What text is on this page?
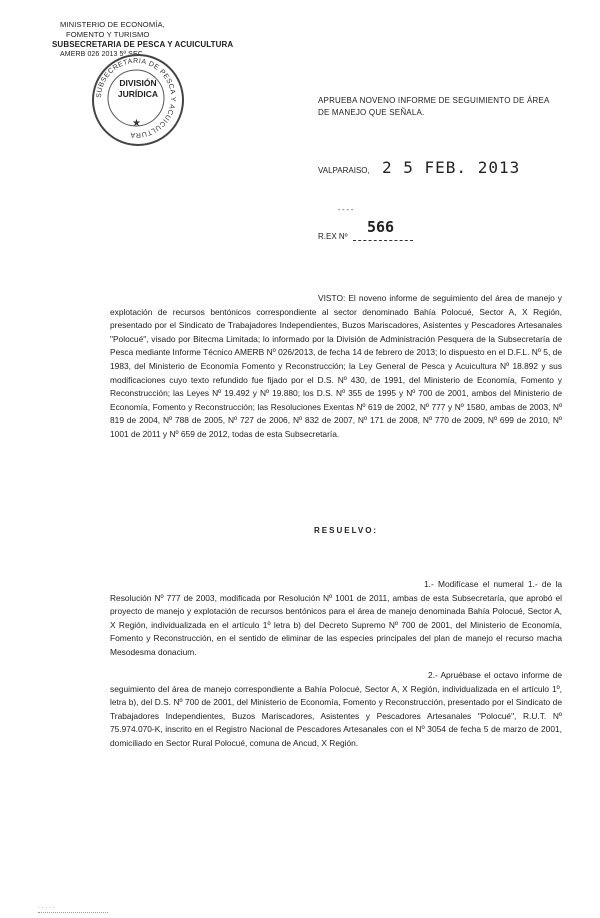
MINISTERIO DE ECONOMÍA,
FOMENTO Y TURISMO
SUBSECRETARIA DE PESCA Y ACUICULTURA
AMERB 026 2013 5º SEC
SUBSECRETARIA DE PESCA Y ACUICULTURA
DIVISIÓN
JURÍDICA
★
APRUEBA NOVENO INFORME DE SEGUIMIENTO DE ÁREA DE MANEJO QUE SEÑALA.
VALPARAISO, 2 5 FEB. 2013
- - - -
566
R.EX Nº
VISTO: El noveno informe de seguimiento del área de manejo y explotación de recursos bentónicos correspondiente al sector denominado Bahía Polocué, Sector A, X Región, presentado por el Sindicato de Trabajadores Independientes, Buzos Mariscadores, Asistentes y Pescadores Artesanales "Polocué", visado por Bitecma Limitada; lo informado por la División de Administración Pesquera de la Subsecretaría de Pesca mediante Informe Técnico AMERB Nº 026/2013, de fecha 14 de febrero de 2013; lo dispuesto en el D.F.L. Nº 5, de 1983, del Ministerio de Economía Fomento y Reconstrucción; la Ley General de Pesca y Acuicultura Nº 18.892 y sus modificaciones cuyo texto refundido fue fijado por el D.S. Nº 430, de 1991, del Ministerio de Economía, Fomento y Reconstrucción; las Leyes Nº 19.492 y Nº 19.880; los D.S. Nº 355 de 1995 y Nº 700 de 2001, ambos del Ministerio de Economía, Fomento y Reconstrucción; las Resoluciones Exentas Nº 619 de 2002, Nº 777 y Nº 1580, ambas de 2003, Nº 819 de 2004, Nº 788 de 2005, Nº 727 de 2006, Nº 832 de 2007, Nº 171 de 2008, Nº 770 de 2009, Nº 699 de 2010, Nº 1001 de 2011 y Nº 659 de 2012, todas de esta Subsecretaría.
RESUELVO:
1.- Modifícase el numeral 1.- de la Resolución Nº 777 de 2003, modificada por Resolución Nº 1001 de 2011, ambas de esta Subsecretaría, que aprobó el proyecto de manejo y explotación de recursos bentónicos para el área de manejo denominada Bahía Polocué, Sector A, X Región, individualizada en el artículo 1º letra b) del Decreto Supremo Nº 700 de 2001, del Ministerio de Economía, Fomento y Reconstrucción, en el sentido de eliminar de las especies principales del plan de manejo el recurso macha Mesodesma donacium.
2.- Apruébase el octavo informe de seguimiento del área de manejo correspondiente a Bahía Polocué, Sector A, X Región, individualizada en el artículo 1º, letra b), del D.S. Nº 700 de 2001, del Ministerio de Economía, Fomento y Reconstrucción, presentado por el Sindicato de Trabajadores Independientes, Buzos Mariscadores, Asistentes y Pescadores Artesanales "Polocué", R.U.T. Nº 75.974.070-K, inscrito en el Registro Nacional de Pescadores Artesanales con el Nº 3054 de fecha 5 de marzo de 2001, domiciliado en Sector Rural Polocué, comuna de Ancud, X Región.
· · · · ·
